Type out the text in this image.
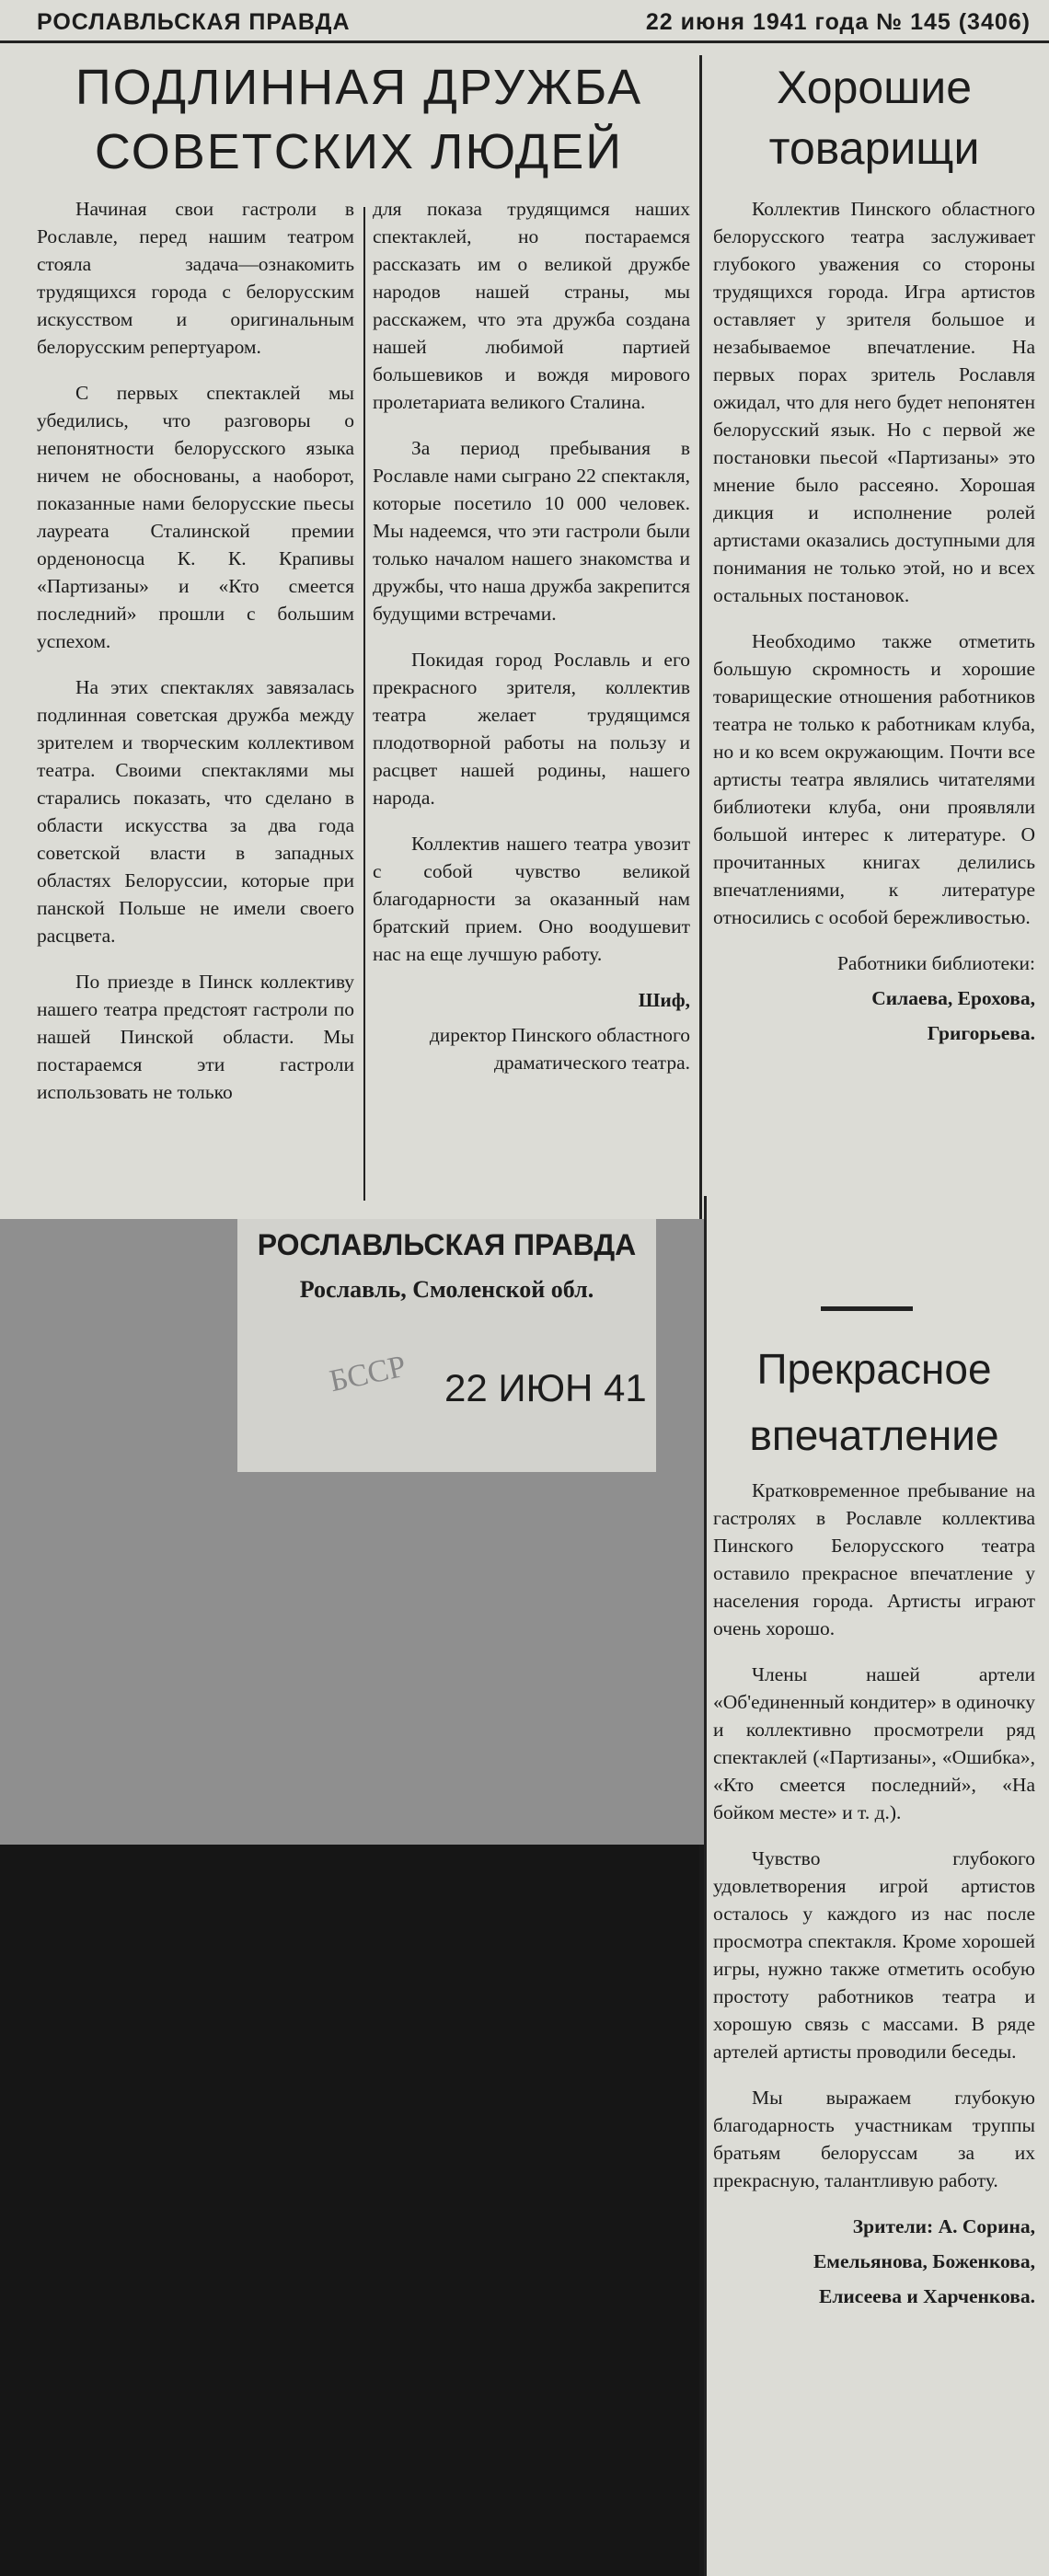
РОСЛАВЛЬСКАЯ ПРАВДА	22 июня 1941 года № 145 (3406)
ПОДЛИННАЯ ДРУЖБА СОВЕТСКИХ ЛЮДЕЙ
Хорошие товарищи

Начиная свои гастроли в Рославле, перед нашим театром стояла задача—ознакомить трудящихся города с белорусским искусством и оригинальным белорусским репертуаром.

С первых спектаклей мы убедились, что разговоры о непонятности белорусского языка ничем не обоснованы, а наоборот, показанные нами белорусские пьесы лауреата Сталинской премии орденоносца К. К. Крапивы «Партизаны» и «Кто смеется последний» прошли с большим успехом.

На этих спектаклях завязалась подлинная советская дружба между зрителем и творческим коллективом театра. Своими спектаклями мы старались показать, что сделано в области искусства за два года советской власти в западных областях Белоруссии, которые при панской Польше не имели своего расцвета.

По приезде в Пинск коллективу нашего театра предстоят гастроли по нашей Пинской области. Мы постараемся эти гастроли использовать не только

для показа трудящимся наших спектаклей, но постараемся рассказать им о великой дружбе народов нашей страны, мы расскажем, что эта дружба создана нашей любимой партией большевиков и вождя мирового пролетариата великого Сталина.

За период пребывания в Рославле нами сыграно 22 спектакля, которые посетило 10 000 человек. Мы надеемся, что эти гастроли были только началом нашего знакомства и дружбы, что наша дружба закрепится будущими встречами.

Покидая город Рославль и его прекрасного зрителя, коллектив театра желает трудящимся плодотворной работы на пользу и расцвет нашей родины, нашего народа.

Коллектив нашего театра увозит с собой чувство великой благодарности за оказанный нам братский прием. Оно воодушевит нас на еще лучшую работу.

Шиф,

директор Пинского областного драматического театра.

Коллектив Пинского областного белорусского театра заслуживает глубокого уважения со стороны трудящихся города. Игра артистов оставляет у зрителя большое и незабываемое впечатление. На первых порах зритель Рославля ожидал, что для него будет непонятен белорусский язык. Но с первой же постановки пьесой «Партизаны» это мнение было рассеяно. Хорошая дикция и исполнение ролей артистами оказались доступными для понимания не только этой, но и всех остальных постановок.

Необходимо также отметить большую скромность и хорошие товарищеские отношения работников театра не только к работникам клуба, но и ко всем окружающим. Почти все артисты театра являлись читателями библиотеки клуба, они проявляли большой интерес к литературе. О прочитанных книгах делились впечатлениями, к литературе относились с особой бережливостью.

Работники библиотеки:

Силаева, Ерохова,

Григорьева.

РОСЛАВЛЬСКАЯ ПРАВДА
Рославль, Смоленской обл.
БССР 22 ИЮН 41	Прекрасное впечатление

Кратковременное пребывание на гастролях в Рославле коллектива Пинского Белорусского театра оставило прекрасное впечатление у населения города. Артисты играют очень хорошо.

Члены нашей артели «Об'единенный кондитер» в одиночку и коллективно просмотрели ряд спектаклей («Партизаны», «Ошибка», «Кто смеется последний», «На бойком месте» и т. д.).

Чувство глубокого удовлетворения игрой артистов осталось у каждого из нас после просмотра спектакля. Кроме хорошей игры, нужно также отметить особую простоту работников театра и хорошую связь с массами. В ряде артелей артисты проводили беседы.

Мы выражаем глубокую благодарность участникам труппы братьям белоруссам за их прекрасную, талантливую работу.

Зрители: А. Сорина,

Емельянова, Боженкова,

Елисеева и Харченкова.
